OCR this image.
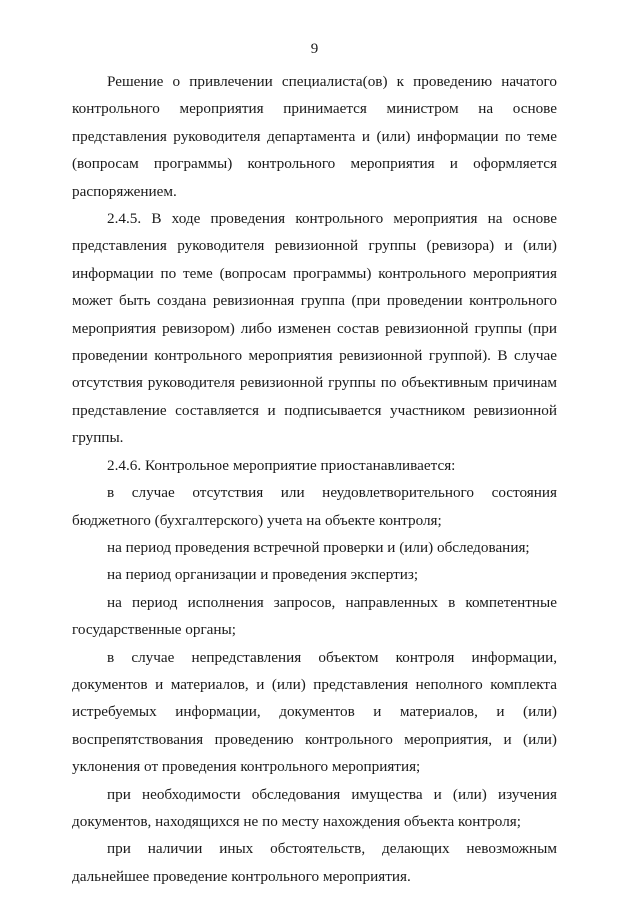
9

Решение о привлечении специалиста(ов) к проведению начатого контрольного мероприятия принимается министром на основе представления руководителя департамента и (или) информации по теме (вопросам программы) контрольного мероприятия и оформляется распоряжением.

2.4.5. В ходе проведения контрольного мероприятия на основе представления руководителя ревизионной группы (ревизора) и (или) информации по теме (вопросам программы) контрольного мероприятия может быть создана ревизионная группа (при проведении контрольного мероприятия ревизором) либо изменен состав ревизионной группы (при проведении контрольного мероприятия ревизионной группой). В случае отсутствия руководителя ревизионной группы по объективным причинам представление составляется и подписывается участником ревизионной группы.

2.4.6. Контрольное мероприятие приостанавливается:

в случае отсутствия или неудовлетворительного состояния бюджетного (бухгалтерского) учета на объекте контроля;

на период проведения встречной проверки и (или) обследования;

на период организации и проведения экспертиз;

на период исполнения запросов, направленных в компетентные государственные органы;

в случае непредставления объектом контроля информации, документов и материалов, и (или) представления неполного комплекта истребуемых информации, документов и материалов, и (или) воспрепятствования проведению контрольного мероприятия, и (или) уклонения от проведения контрольного мероприятия;

при необходимости обследования имущества и (или) изучения документов, находящихся не по месту нахождения объекта контроля;

при наличии иных обстоятельств, делающих невозможным дальнейшее проведение контрольного мероприятия.
